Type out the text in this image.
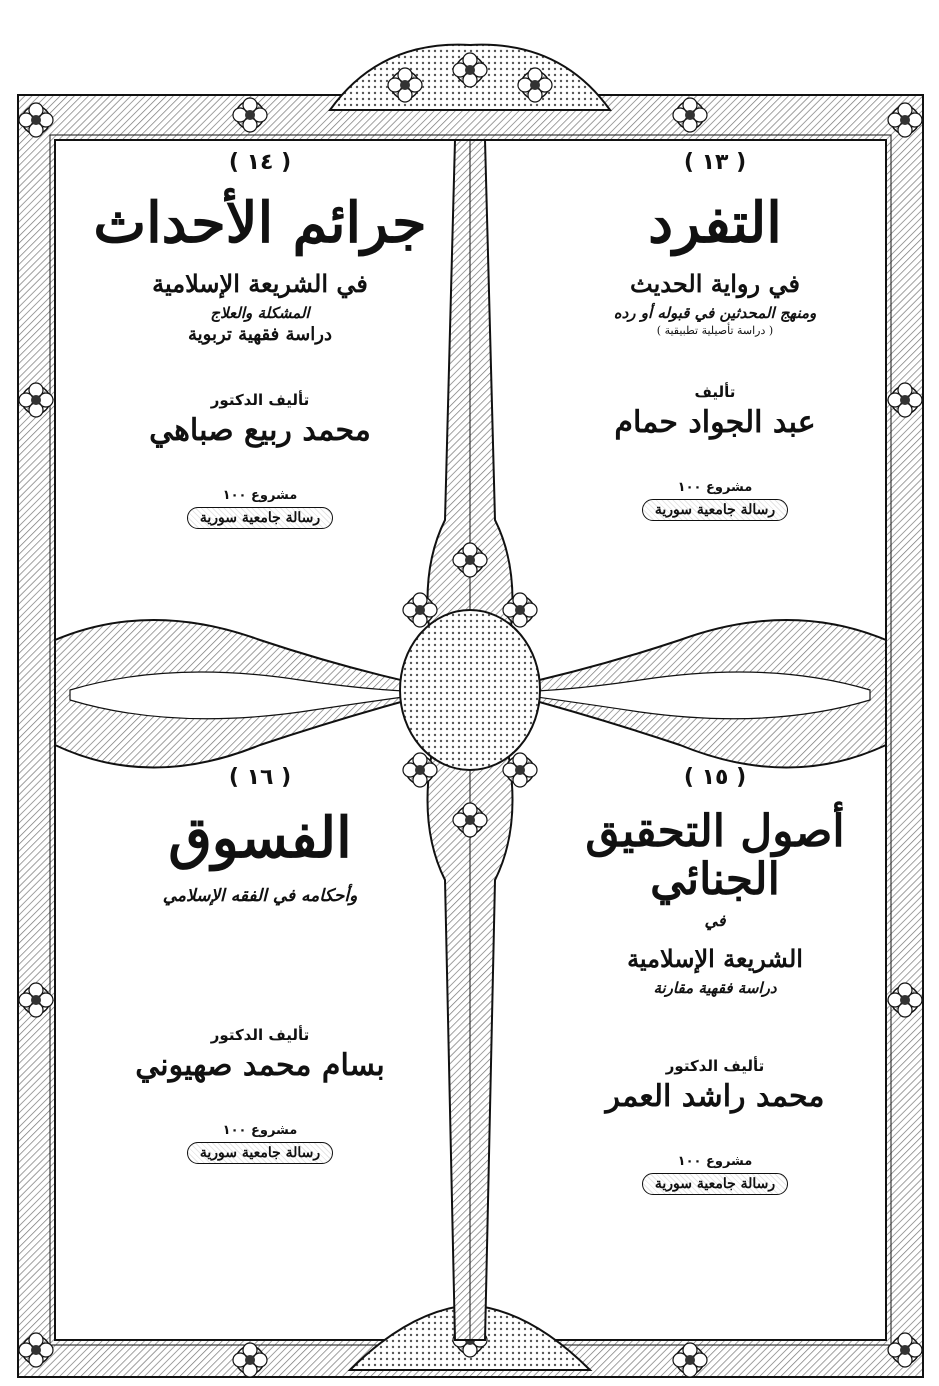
( ١٣ )
التفرد
في رواية الحديث
ومنهج المحدثين في قبوله أو رده
( دراسة تأصيلية تطبيقية )
تأليف
عبد الجواد حمام
مشروع ١٠٠
رسالة جامعية سورية
( ١٤ )
جرائم الأحداث
في الشريعة الإسلامية
المشكلة والعلاج
دراسة فقهية تربوية
تأليف الدكتور
محمد ربيع صباهي
مشروع ١٠٠
رسالة جامعية سورية
( ١٥ )
أصول التحقيق الجنائي
في
الشريعة الإسلامية
دراسة فقهية مقارنة
تأليف الدكتور
محمد راشد العمر
مشروع ١٠٠
رسالة جامعية سورية
( ١٦ )
الفسوق
وأحكامه في الفقه الإسلامي
تأليف الدكتور
بسام محمد صهيوني
مشروع ١٠٠
رسالة جامعية سورية
